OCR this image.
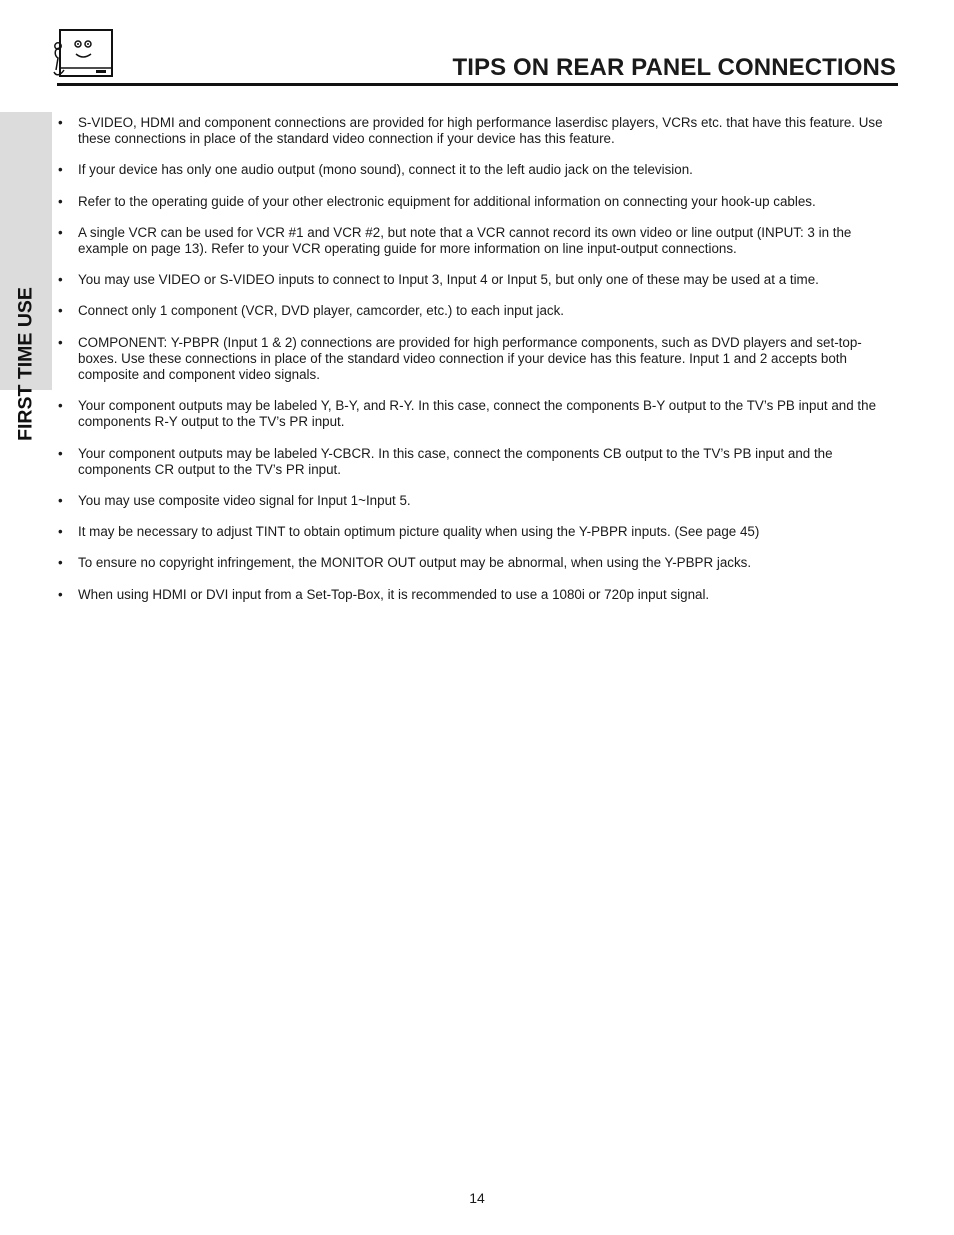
TIPS ON REAR PANEL CONNECTIONS
FIRST TIME USE
• S-VIDEO, HDMI and component connections are provided for high performance laserdisc players, VCRs etc. that have this feature. Use these connections in place of the standard video connection if your device has this feature.
• If your device has only one audio output (mono sound), connect it to the left audio jack on the television.
• Refer to the operating guide of your other electronic equipment for additional information on connecting your hook-up cables.
• A single VCR can be used for VCR #1 and VCR #2, but note that a VCR cannot record its own video or line output (INPUT: 3 in the example on page 13). Refer to your VCR operating guide for more information on line input-output connections.
• You may use VIDEO or S-VIDEO inputs to connect to Input 3, Input 4 or Input 5, but only one of these may be used at a time.
• Connect only 1 component (VCR, DVD player, camcorder, etc.) to each input jack.
• COMPONENT: Y-PBPR (Input 1 & 2) connections are provided for high performance components, such as DVD players and set-top-boxes. Use these connections in place of the standard video connection if your device has this feature. Input 1 and 2 accepts both composite and component video signals.
• Your component outputs may be labeled Y, B-Y, and R-Y. In this case, connect the components B-Y output to the TV’s PB input and the components R-Y output to the TV’s PR input.
• Your component outputs may be labeled Y-CBCR. In this case, connect the components CB output to the TV’s PB input and the components CR output to the TV’s PR input.
• You may use composite video signal for Input 1~Input 5.
• It may be necessary to adjust TINT to obtain optimum picture quality when using the Y-PBPR inputs. (See page 45)
• To ensure no copyright infringement, the MONITOR OUT output may be abnormal, when using the Y-PBPR jacks.
• When using HDMI or DVI input from a Set-Top-Box, it is recommended to use a 1080i or 720p input signal.
14
